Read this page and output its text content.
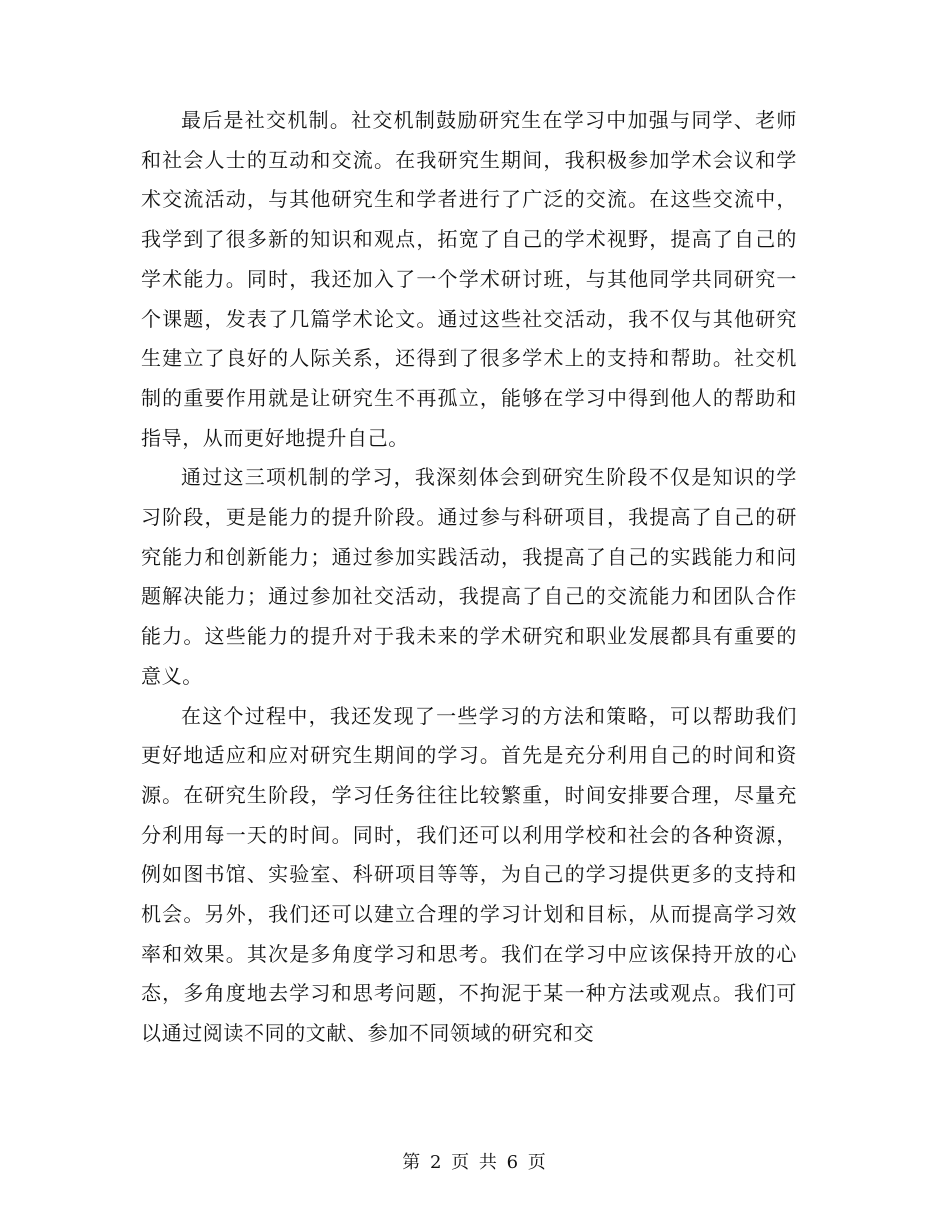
最后是社交机制。社交机制鼓励研究生在学习中加强与同学、老师和社会人士的互动和交流。在我研究生期间，我积极参加学术会议和学术交流活动，与其他研究生和学者进行了广泛的交流。在这些交流中，我学到了很多新的知识和观点，拓宽了自己的学术视野，提高了自己的学术能力。同时，我还加入了一个学术研讨班，与其他同学共同研究一个课题，发表了几篇学术论文。通过这些社交活动，我不仅与其他研究生建立了良好的人际关系，还得到了很多学术上的支持和帮助。社交机制的重要作用就是让研究生不再孤立，能够在学习中得到他人的帮助和指导，从而更好地提升自己。

通过这三项机制的学习，我深刻体会到研究生阶段不仅是知识的学习阶段，更是能力的提升阶段。通过参与科研项目，我提高了自己的研究能力和创新能力；通过参加实践活动，我提高了自己的实践能力和问题解决能力；通过参加社交活动，我提高了自己的交流能力和团队合作能力。这些能力的提升对于我未来的学术研究和职业发展都具有重要的意义。

在这个过程中，我还发现了一些学习的方法和策略，可以帮助我们更好地适应和应对研究生期间的学习。首先是充分利用自己的时间和资源。在研究生阶段，学习任务往往比较繁重，时间安排要合理，尽量充分利用每一天的时间。同时，我们还可以利用学校和社会的各种资源，例如图书馆、实验室、科研项目等等，为自己的学习提供更多的支持和机会。另外，我们还可以建立合理的学习计划和目标，从而提高学习效率和效果。其次是多角度学习和思考。我们在学习中应该保持开放的心态，多角度地去学习和思考问题，不拘泥于某一种方法或观点。我们可以通过阅读不同的文献、参加不同领域的研究和交

第 2 页 共 6 页
